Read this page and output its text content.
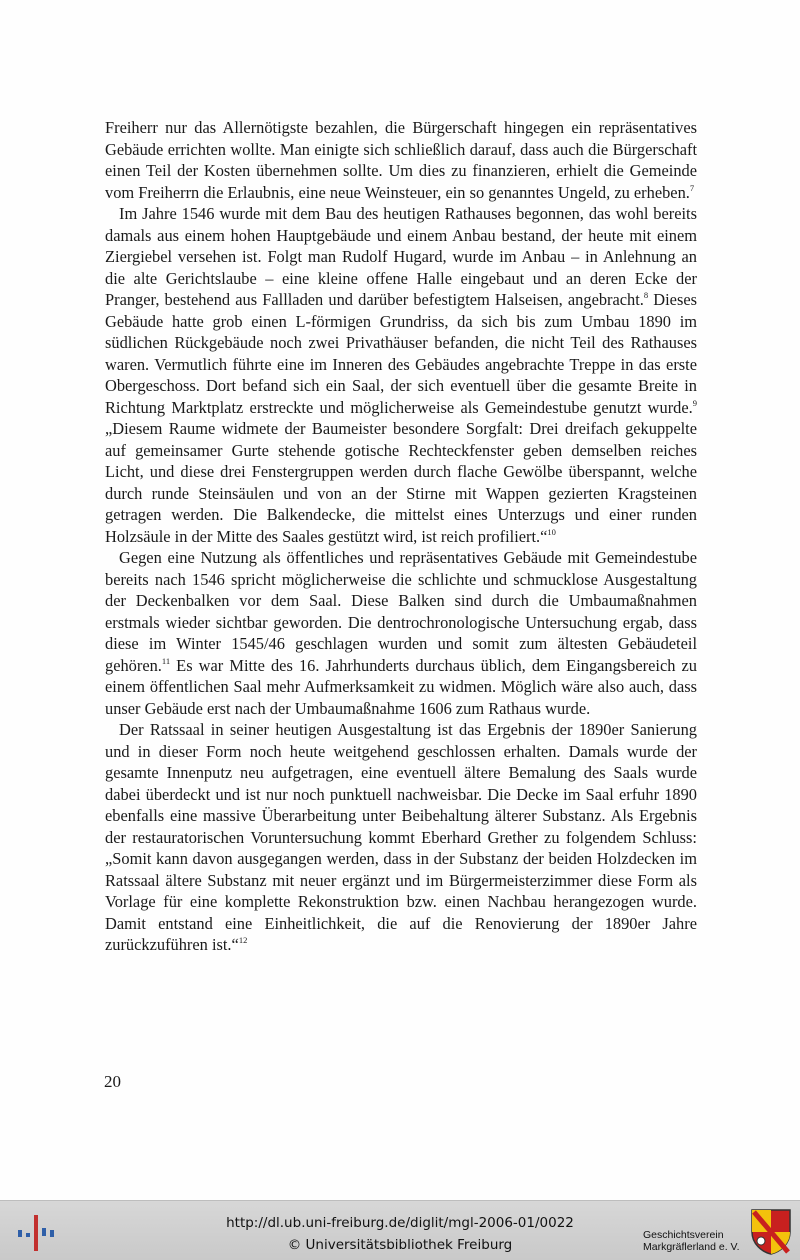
Freiherr nur das Allernötigste bezahlen, die Bürgerschaft hingegen ein repräsentatives Gebäude errichten wollte. Man einigte sich schließlich darauf, dass auch die Bürgerschaft einen Teil der Kosten übernehmen sollte. Um dies zu finanzieren, erhielt die Gemeinde vom Freiherrn die Erlaubnis, eine neue Weinsteuer, ein so genanntes Ungeld, zu erheben.$^7$

Im Jahre 1546 wurde mit dem Bau des heutigen Rathauses begonnen, das wohl bereits damals aus einem hohen Hauptgebäude und einem Anbau bestand, der heute mit einem Ziergiebel versehen ist. Folgt man Rudolf Hugard, wurde im Anbau – in Anlehnung an die alte Gerichtslaube – eine kleine offene Halle eingebaut und an deren Ecke der Pranger, bestehend aus Fallladen und darüber befestigtem Halseisen, angebracht.$^8$ Dieses Gebäude hatte grob einen L-förmigen Grundriss, da sich bis zum Umbau 1890 im südlichen Rückgebäude noch zwei Privathäuser befanden, die nicht Teil des Rathauses waren. Vermutlich führte eine im Inneren des Gebäudes angebrachte Treppe in das erste Obergeschoss. Dort befand sich ein Saal, der sich eventuell über die gesamte Breite in Richtung Marktplatz erstreckte und möglicherweise als Gemeindestube genutzt wurde.$^9$ „Diesem Raume widmete der Baumeister besondere Sorgfalt: Drei dreifach gekuppelte auf gemeinsamer Gurte stehende gotische Rechteckfenster geben demselben reiches Licht, und diese drei Fenstergruppen werden durch flache Gewölbe überspannt, welche durch runde Steinsäulen und von an der Stirne mit Wappen gezierten Kragsteinen getragen werden. Die Balkendecke, die mittelst eines Unterzugs und einer runden Holzsäule in der Mitte des Saales gestützt wird, ist reich profiliert.“$^{10}$

Gegen eine Nutzung als öffentliches und repräsentatives Gebäude mit Gemeindestube bereits nach 1546 spricht möglicherweise die schlichte und schmucklose Ausgestaltung der Deckenbalken vor dem Saal. Diese Balken sind durch die Umbaumaßnahmen erstmals wieder sichtbar geworden. Die dentrochronologische Untersuchung ergab, dass diese im Winter 1545/46 geschlagen wurden und somit zum ältesten Gebäudeteil gehören.$^{11}$ Es war Mitte des 16. Jahrhunderts durchaus üblich, dem Eingangsbereich zu einem öffentlichen Saal mehr Aufmerksamkeit zu widmen. Möglich wäre also auch, dass unser Gebäude erst nach der Umbaumaßnahme 1606 zum Rathaus wurde.

Der Ratssaal in seiner heutigen Ausgestaltung ist das Ergebnis der 1890er Sanierung und in dieser Form noch heute weitgehend geschlossen erhalten. Damals wurde der gesamte Innenputz neu aufgetragen, eine eventuell ältere Bemalung des Saals wurde dabei überdeckt und ist nur noch punktuell nachweisbar. Die Decke im Saal erfuhr 1890 ebenfalls eine massive Überarbeitung unter Beibehaltung älterer Substanz. Als Ergebnis der restauratorischen Voruntersuchung kommt Eberhard Grether zu folgendem Schluss: „Somit kann davon ausgegangen werden, dass in der Substanz der beiden Holzdecken im Ratssaal ältere Substanz mit neuer ergänzt und im Bürgermeisterzimmer diese Form als Vorlage für eine komplette Rekonstruktion bzw. einen Nachbau herangezogen wurde. Damit entstand eine Einheitlichkeit, die auf die Renovierung der 1890er Jahre zurückzuführen ist.“$^{12}$

20
http://dl.ub.uni-freiburg.de/diglit/mgl-2006-01/0022
© Universitätsbibliothek Freiburg
Geschichtsverein
Markgräflerland e. V.
